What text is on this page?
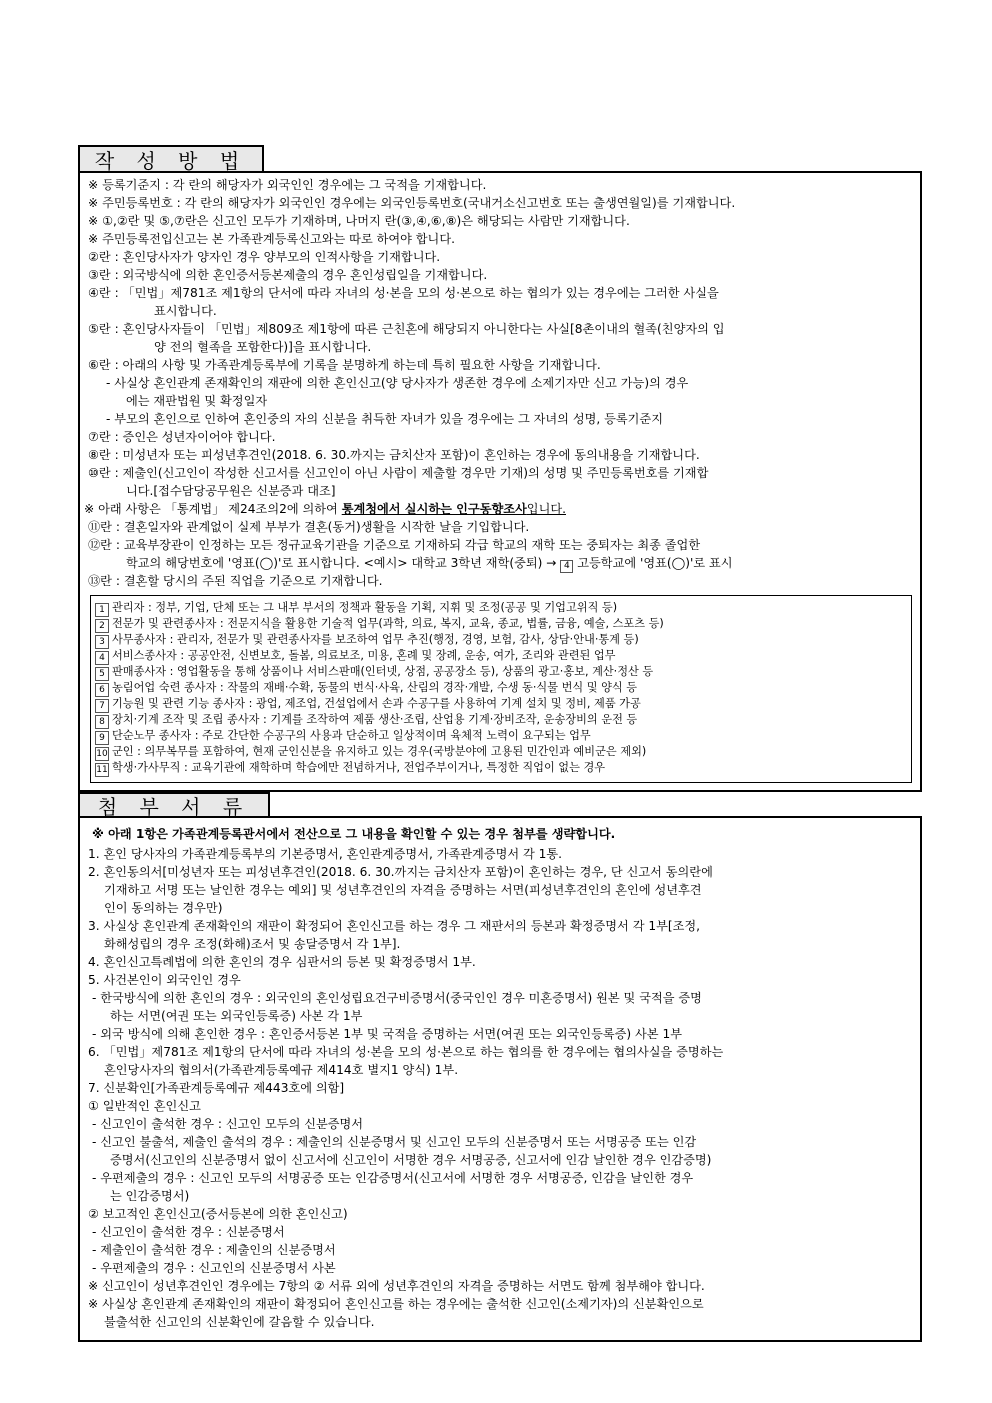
작 성 방 법
※ 등록기준지 : 각 란의 해당자가 외국인인 경우에는 그 국적을 기재합니다.
※ 주민등록번호 : 각 란의 해당자가 외국인인 경우에는 외국인등록번호(국내거소신고번호 또는 출생연월일)를 기재합니다.
※ ①,②란 및 ⑤,⑦란은 신고인 모두가 기재하며, 나머지 란(③,④,⑥,⑧)은 해당되는 사람만 기재합니다.
※ 주민등록전입신고는 본 가족관계등록신고와는 따로 하여야 합니다.
②란 : 혼인당사자가 양자인 경우 양부모의 인적사항을 기재합니다.
③란 : 외국방식에 의한 혼인증서등본제출의 경우 혼인성립일을 기재합니다.
④란 : 「민법」제781조 제1항의 단서에 따라 자녀의 성·본을 모의 성·본으로 하는 협의가 있는 경우에는 그러한 사실을
표시합니다.
⑤란 : 혼인당사자들이 「민법」제809조 제1항에 따른 근친혼에 해당되지 아니한다는 사실[8촌이내의 혈족(친양자의 입
양 전의 혈족을 포함한다)]을 표시합니다.
⑥란 : 아래의 사항 및 가족관계등록부에 기록을 분명하게 하는데 특히 필요한 사항을 기재합니다.
- 사실상 혼인관계 존재확인의 재판에 의한 혼인신고(양 당사자가 생존한 경우에 소제기자만 신고 가능)의 경우
에는 재판법원 및 확정일자
- 부모의 혼인으로 인하여 혼인중의 자의 신분을 취득한 자녀가 있을 경우에는 그 자녀의 성명, 등록기준지
⑦란 : 증인은 성년자이어야 합니다.
⑧란 : 미성년자 또는 피성년후견인(2018. 6. 30.까지는 금치산자 포함)이 혼인하는 경우에 동의내용을 기재합니다.
⑩란 : 제출인(신고인이 작성한 신고서를 신고인이 아닌 사람이 제출할 경우만 기재)의 성명 및 주민등록번호를 기재합
니다.[접수담당공무원은 신분증과 대조]
※ 아래 사항은 「통계법」 제24조의2에 의하여 통계청에서 실시하는 인구동향조사입니다.
⑪란 : 결혼일자와 관계없이 실제 부부가 결혼(동거)생활을 시작한 날을 기입합니다.
⑫란 : 교육부장관이 인정하는 모든 정규교육기관을 기준으로 기재하되 각급 학교의 재학 또는 중퇴자는 최종 졸업한
학교의 해당번호에 '영표(◯)'로 표시합니다. <예시> 대학교 3학년 재학(중퇴) → 4 고등학교에 '영표(◯)'로 표시
⑬란 : 결혼할 당시의 주된 직업을 기준으로 기재합니다.
1 관리자 : 정부, 기업, 단체 또는 그 내부 부서의 정책과 활동을 기획, 지휘 및 조정(공공 및 기업고위직 등)
2 전문가 및 관련종사자 : 전문지식을 활용한 기술적 업무(과학, 의료, 복지, 교육, 종교, 법률, 금융, 예술, 스포츠 등)
3 사무종사자 : 관리자, 전문가 및 관련종사자를 보조하여 업무 추진(행정, 경영, 보험, 감사, 상담·안내·통계 등)
4 서비스종사자 : 공공안전, 신변보호, 돌봄, 의료보조, 미용, 혼례 및 장례, 운송, 여가, 조리와 관련된 업무
5 판매종사자 : 영업활동을 통해 상품이나 서비스판매(인터넷, 상점, 공공장소 등), 상품의 광고·홍보, 계산·정산 등
6 농림어업 숙련 종사자 : 작물의 재배·수확, 동물의 번식·사육, 산림의 경작·개발, 수생 동·식물 번식 및 양식 등
7 기능원 및 관련 기능 종사자 : 광업, 제조업, 건설업에서 손과 수공구를 사용하여 기계 설치 및 정비, 제품 가공
8 장치·기계 조작 및 조립 종사자 : 기계를 조작하여 제품 생산·조립, 산업용 기계·장비조작, 운송장비의 운전 등
9 단순노무 종사자 : 주로 간단한 수공구의 사용과 단순하고 일상적이며 육체적 노력이 요구되는 업무
10 군인 : 의무복무를 포함하여, 현재 군인신분을 유지하고 있는 경우(국방분야에 고용된 민간인과 예비군은 제외)
11 학생·가사무직 : 교육기관에 재학하며 학습에만 전념하거나, 전업주부이거나, 특정한 직업이 없는 경우
첨 부 서 류
※ 아래 1항은 가족관계등록관서에서 전산으로 그 내용을 확인할 수 있는 경우 첨부를 생략합니다.
1. 혼인 당사자의 가족관계등록부의 기본증명서, 혼인관계증명서, 가족관계증명서 각 1통.
2. 혼인동의서[미성년자 또는 피성년후견인(2018. 6. 30.까지는 금치산자 포함)이 혼인하는 경우, 단 신고서 동의란에
기재하고 서명 또는 날인한 경우는 예외] 및 성년후견인의 자격을 증명하는 서면(피성년후견인의 혼인에 성년후견
인이 동의하는 경우만)
3. 사실상 혼인관계 존재확인의 재판이 확정되어 혼인신고를 하는 경우 그 재판서의 등본과 확정증명서 각 1부[조정,
화해성립의 경우 조정(화해)조서 및 송달증명서 각 1부].
4. 혼인신고특례법에 의한 혼인의 경우 심판서의 등본 및 확정증명서 1부.
5. 사건본인이 외국인인 경우
- 한국방식에 의한 혼인의 경우 : 외국인의 혼인성립요건구비증명서(중국인인 경우 미혼증명서) 원본 및 국적을 증명
하는 서면(여권 또는 외국인등록증) 사본 각 1부
- 외국 방식에 의해 혼인한 경우 : 혼인증서등본 1부 및 국적을 증명하는 서면(여권 또는 외국인등록증) 사본 1부
6. 「민법」제781조 제1항의 단서에 따라 자녀의 성·본을 모의 성·본으로 하는 협의를 한 경우에는 협의사실을 증명하는
혼인당사자의 협의서(가족관계등록예규 제414호 별지1 양식) 1부.
7. 신분확인[가족관계등록예규 제443호에 의함]
① 일반적인 혼인신고
- 신고인이 출석한 경우 : 신고인 모두의 신분증명서
- 신고인 불출석, 제출인 출석의 경우 : 제출인의 신분증명서 및 신고인 모두의 신분증명서 또는 서명공증 또는 인감
증명서(신고인의 신분증명서 없이 신고서에 신고인이 서명한 경우 서명공증, 신고서에 인감 날인한 경우 인감증명)
- 우편제출의 경우 : 신고인 모두의 서명공증 또는 인감증명서(신고서에 서명한 경우 서명공증, 인감을 날인한 경우
는 인감증명서)
② 보고적인 혼인신고(증서등본에 의한 혼인신고)
- 신고인이 출석한 경우 : 신분증명서
- 제출인이 출석한 경우 : 제출인의 신분증명서
- 우편제출의 경우 : 신고인의 신분증명서 사본
※ 신고인이 성년후견인인 경우에는 7항의 ② 서류 외에 성년후견인의 자격을 증명하는 서면도 함께 첨부해야 합니다.
※ 사실상 혼인관계 존재확인의 재판이 확정되어 혼인신고를 하는 경우에는 출석한 신고인(소제기자)의 신분확인으로
불출석한 신고인의 신분확인에 갈음할 수 있습니다.
